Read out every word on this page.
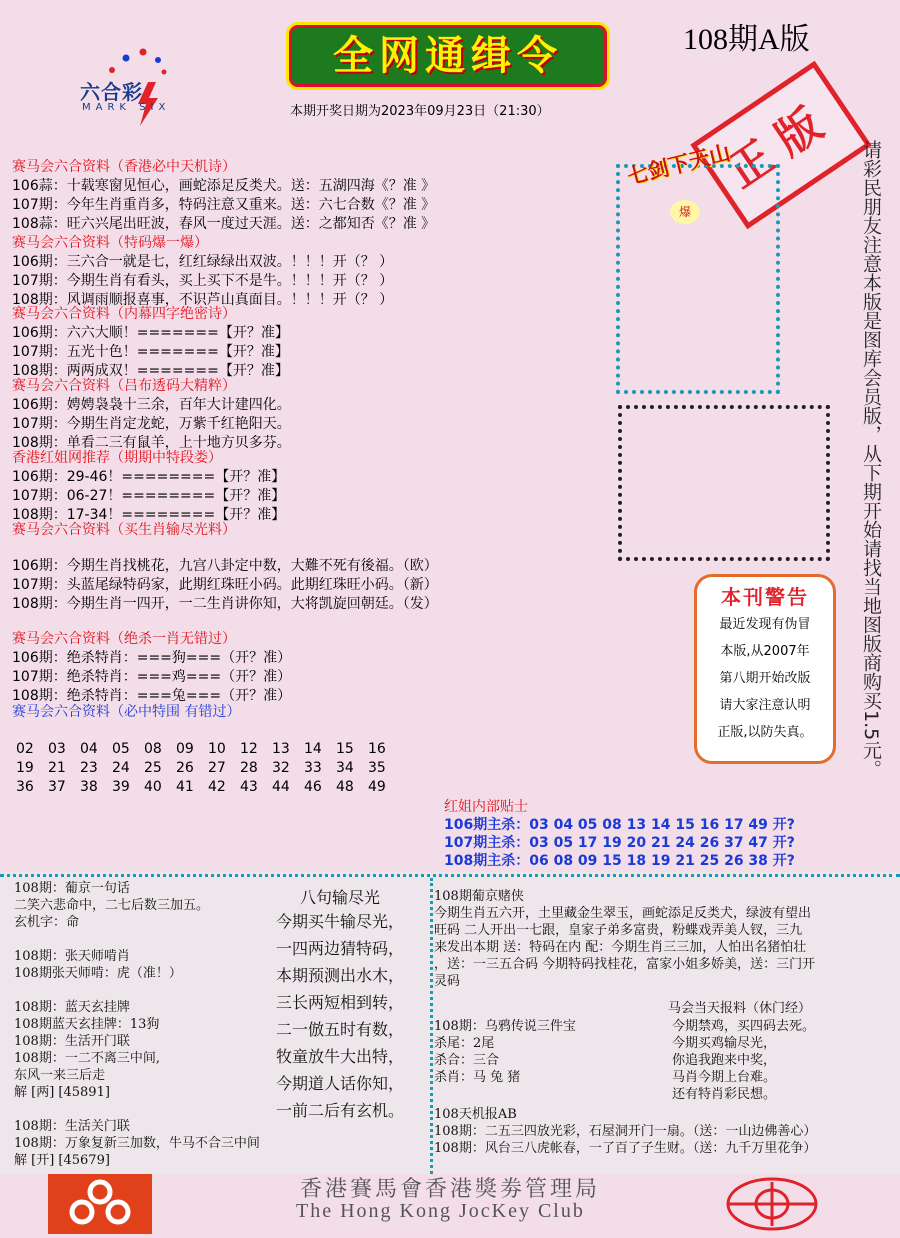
六合彩
MARK SIX
全网通缉令	108期A版
本期开奖日期为2023年09月23日（21:30）	正版 请彩民朋友注意本版是图库会员版，从下期开始请找当地图版商购买1.5元。
七剑下天山
爆
本刊警告
最近发现有伪冒
本版,从2007年
第八期开始改版
请大家注意认明
正版,以防失真。
赛马会六合资料（香港必中天机诗）
106蒜：十载寒窗见恒心，画蛇添足反类犬。送：五湖四海《？准 》
107期：今年生肖重肖多，特码注意又重来。送：六七合数《？准 》
108蒜：旺六兴尾出旺波，春风一度过天涯。送：之都知否《？准 》
赛马会六合资料（特码爆一爆）
106期：三六合一就是七，红红绿绿出双波。！！！开（？ ）
107期：今期生肖有看头，买上买下不是牛。！！！开（？ ）
108期：风调雨顺报喜事，不识芦山真面目。！！！开（？ ）
赛马会六合资料（内幕四字绝密诗）
106期：六六大顺！=======【开？准】
107期：五光十色！=======【开？准】
108期：两两成双！=======【开？准】
赛马会六合资料（吕布透码大精粹）
106期：娉娉袅袅十三余，百年大计建四化。
107期：今期生肖定龙蛇，万紫千红艳阳天。
108期：单看二三有鼠羊，上十地方贝多芬。
香港红姐网推荐（期期中特段娄）
106期：29-46！========【开？准】
107期：06-27！========【开？准】
108期：17-34！========【开？准】
赛马会六合资料（买生肖输尽光料）
106期：今期生肖找桃花，九宫八卦定中数，大難不死有後福。（欧）
107期：头蓝尾绿特码家，此期红珠旺小码。此期红珠旺小码。（新）
108期：今期生肖一四开，一二生肖讲你知，大将凯旋回朝廷。（发）
赛马会六合资料（绝杀一肖无错过）
106期：绝杀特肖：===狗===（开？准）
107期：绝杀特肖：===鸡===（开？准）
108期：绝杀特肖：===兔===（开？准）
赛马会六合资料（必中特围 有错过）
02	03	04	05	08	09	10	12	13	14	15	16
19	21	23	24	25	26	27	28	32	33	34	35
36	37	38	39	40	41	42	43	44	46	48	49
红姐内部贴士
106期主杀：03 04 05 08 13 14 15 16 17 49 开?
107期主杀：03 05 17 19 20 21 24 26 37 47 开?
108期主杀：06 08 09 15 18 19 21 25 26 38 开?
108期：葡京一句话
二笑六悲命中，二七后数三加五。
玄机字：命
108期：张天师啃肖
108期张天师啃：虎（准！）
108期：蓝天玄挂牌
108期蓝天玄挂牌：13狗
108期：生活开门联
108期：一二不离三中间,
东风一来三后走
解 [两] [45891]
108期：生活关门联
108期：万象复新三加数，牛马不合三中间
解 [开] [45679]
八句输尽光
今期买牛输尽光，
一四两边猜特码，
本期预测出水木，
三长两短相到转，
二一倣五时有数，
牧童放牛大出特，
今期道人话你知，
一前二后有玄机。
108期葡京赌侠
今期生肖五六开，土里藏金生翠玉，画蛇添足反类犬，绿波有望出
旺码 二人开出一七跟，皇家子弟多富贵，粉蝶戏弄美人钗，三九
来发出本期 送：特码在内 配：今期生肖三三加，人怕出名猪怕壮
，送：一三五合码 今期特码找桂花，富家小姐多娇美，送：三门开
灵码
108期：乌鸦传说三件宝
杀尾：2尾
杀合：三合
杀肖：马 兔 猪
马会当天报料（休门经）
今期禁鸡，买四码去死。
今期买鸡输尽光，
你追我跑来中奖，
马肖今期上台难。
还有特肖彩民想。
108天机报AB
108期：二五三四放光彩，石屋洞开门一扇。（送：一山边佛善心）
108期：风台三八虎帐春，一了百了子生财。（送：九千万里花争）
香港賽馬會香港獎劵管理局
The Hong Kong JocKey Club
